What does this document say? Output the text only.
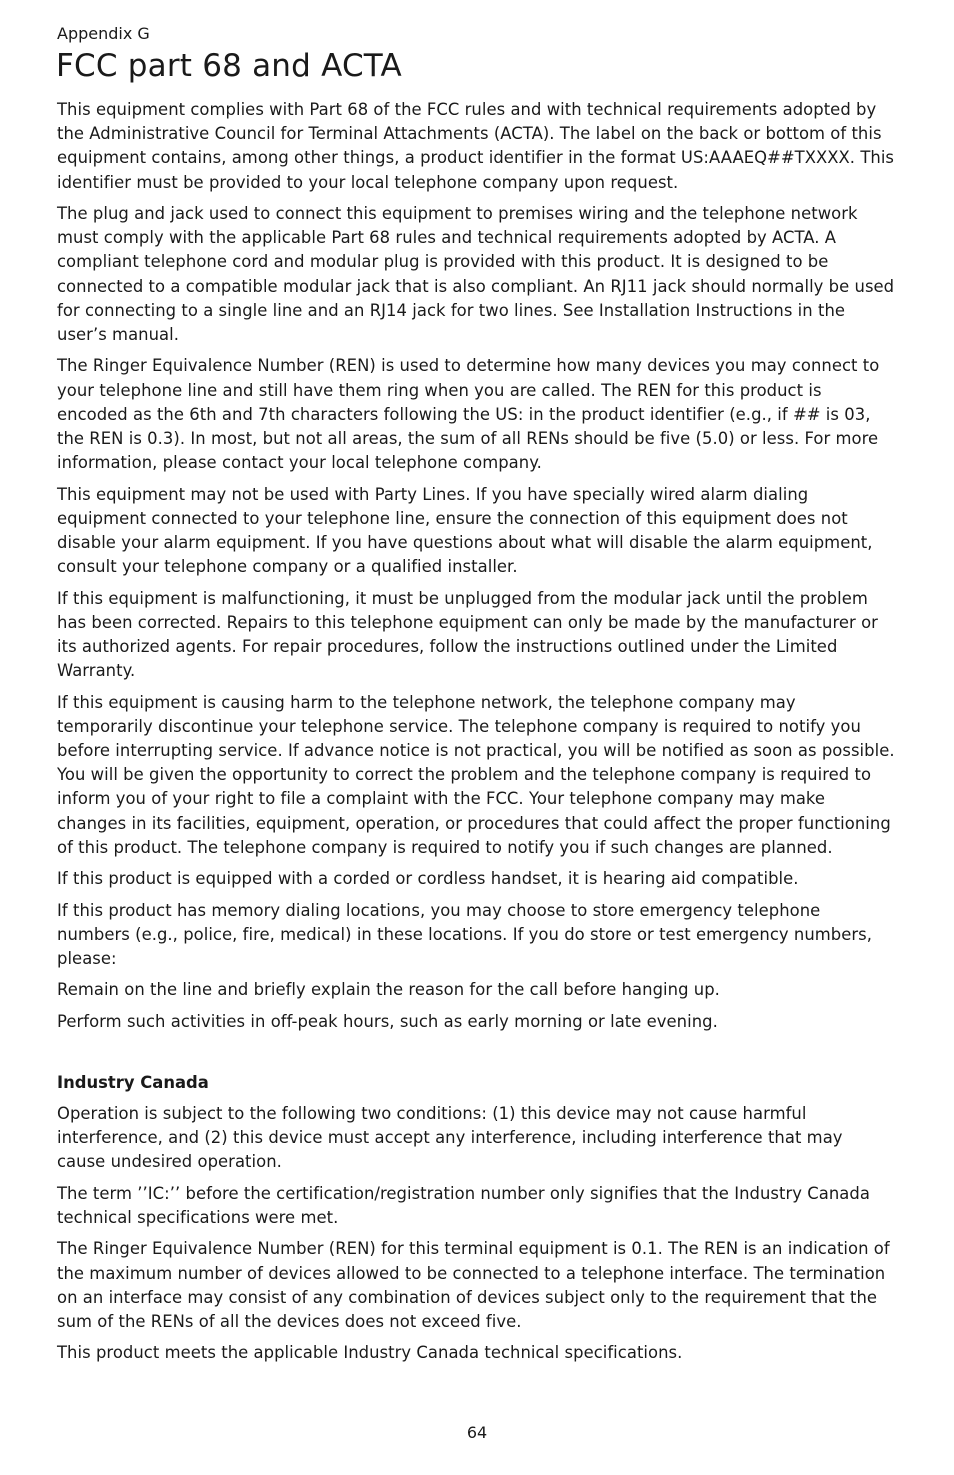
Appendix G

FCC part 68 and ACTA

This equipment complies with Part 68 of the FCC rules and with technical requirements adopted by the Administrative Council for Terminal Attachments (ACTA). The label on the back or bottom of this equipment contains, among other things, a product identifier in the format US:AAAEQ##TXXXX. This identifier must be provided to your local telephone company upon request.

The plug and jack used to connect this equipment to premises wiring and the telephone network must comply with the applicable Part 68 rules and technical requirements adopted by ACTA. A compliant telephone cord and modular plug is provided with this product. It is designed to be connected to a compatible modular jack that is also compliant. An RJ11 jack should normally be used for connecting to a single line and an RJ14 jack for two lines. See Installation Instructions in the user’s manual.

The Ringer Equivalence Number (REN) is used to determine how many devices you may connect to your telephone line and still have them ring when you are called. The REN for this product is encoded as the 6th and 7th characters following the US: in the product identifier (e.g., if ## is 03, the REN is 0.3). In most, but not all areas, the sum of all RENs should be five (5.0) or less. For more information, please contact your local telephone company.

This equipment may not be used with Party Lines. If you have specially wired alarm dialing equipment connected to your telephone line, ensure the connection of this equipment does not disable your alarm equipment. If you have questions about what will disable the alarm equipment, consult your telephone company or a qualified installer.

If this equipment is malfunctioning, it must be unplugged from the modular jack until the problem has been corrected. Repairs to this telephone equipment can only be made by the manufacturer or its authorized agents. For repair procedures, follow the instructions outlined under the Limited Warranty.

If this equipment is causing harm to the telephone network, the telephone company may temporarily discontinue your telephone service. The telephone company is required to notify you before interrupting service. If advance notice is not practical, you will be notified as soon as possible. You will be given the opportunity to correct the problem and the telephone company is required to inform you of your right to file a complaint with the FCC. Your telephone company may make changes in its facilities, equipment, operation, or procedures that could affect the proper functioning of this product. The telephone company is required to notify you if such changes are planned.

If this product is equipped with a corded or cordless handset, it is hearing aid compatible.

If this product has memory dialing locations, you may choose to store emergency telephone numbers (e.g., police, fire, medical) in these locations. If you do store or test emergency numbers, please:

Remain on the line and briefly explain the reason for the call before hanging up.

Perform such activities in off-peak hours, such as early morning or late evening.

Industry Canada

Operation is subject to the following two conditions: (1) this device may not cause harmful interference, and (2) this device must accept any interference, including interference that may cause undesired operation.

The term ’’IC:’’ before the certification/registration number only signifies that the Industry Canada technical specifications were met.

The Ringer Equivalence Number (REN) for this terminal equipment is 0.1. The REN is an indication of the maximum number of devices allowed to be connected to a telephone interface. The termination on an interface may consist of any combination of devices subject only to the requirement that the sum of the RENs of all the devices does not exceed five.

This product meets the applicable Industry Canada technical specifications.

64
